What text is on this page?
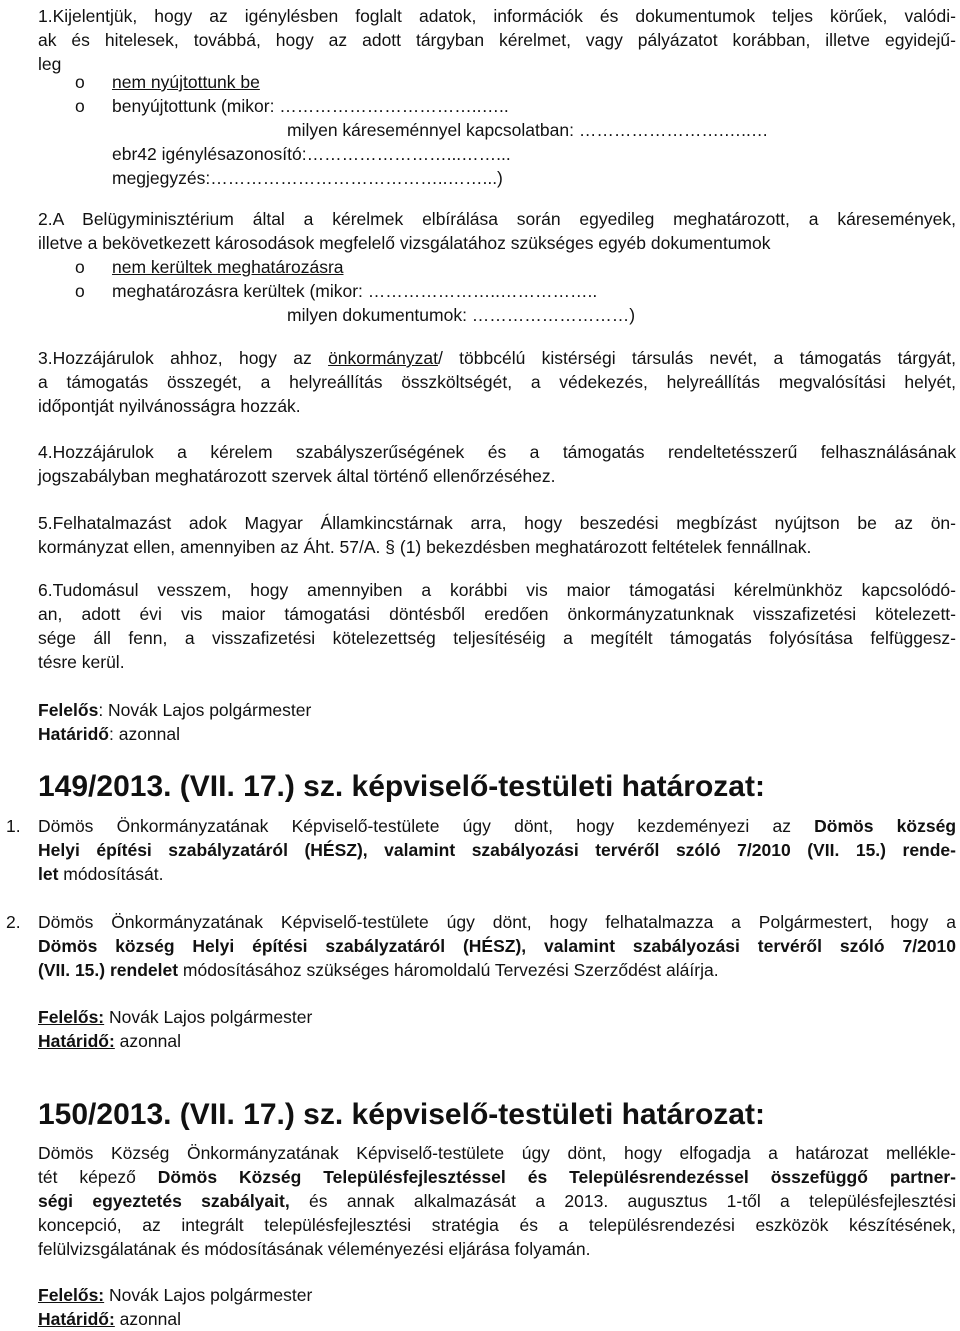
1.Kijelentjük, hogy az igénylésben foglalt adatok, információk és dokumentumok teljes körűek, valódi-
ak és hitelesek, továbbá, hogy az adott tárgyban kérelmet, vagy pályázatot korábban, illetve egyidejű-
leg
o nem nyújtottunk be
o benyújtottunk (mikor: ……………………………..…..
milyen káreseménnyel kapcsolatban: …………………….…..…
ebr42 igénylésazonosító:……………………...……...
megjegyzés:…………………………………..……...)
2.A Belügyminisztérium által a kérelmek elbírálása során egyedileg meghatározott, a káresemények,
illetve a bekövetkezett károsodások megfelelő vizsgálatához szükséges egyéb dokumentumok
o nem kerültek meghatározásra
o meghatározásra kerültek (mikor: …………………..……………..
milyen dokumentumok: ………………………)
3.Hozzájárulok ahhoz, hogy az önkormányzat/ többcélú kistérségi társulás nevét, a támogatás tárgyát,
a támogatás összegét, a helyreállítás összköltségét, a védekezés, helyreállítás megvalósítási helyét,
időpontját nyilvánosságra hozzák.
4.Hozzájárulok a kérelem szabályszerűségének és a támogatás rendeltetésszerű felhasználásának
jogszabályban meghatározott szervek által történő ellenőrzéséhez.
5.Felhatalmazást adok Magyar Államkincstárnak arra, hogy beszedési megbízást nyújtson be az ön-
kormányzat ellen, amennyiben az Áht. 57/A. § (1) bekezdésben meghatározott feltételek fennállnak.
6.Tudomásul vesszem, hogy amennyiben a korábbi vis maior támogatási kérelmünkhöz kapcsolódó-
an, adott évi vis maior támogatási döntésből eredően önkormányzatunknak visszafizetési kötelezett-
sége áll fenn, a visszafizetési kötelezettség teljesítéséig a megítélt támogatás folyósítása felfüggesz-
tésre kerül.
Felelős: Novák Lajos polgármester
Határidő: azonnal
149/2013. (VII. 17.) sz. képviselő-testületi határozat:
1. Dömös Önkormányzatának Képviselő-testülete úgy dönt, hogy kezdeményezi az Dömös község
Helyi építési szabályzatáról (HÉSZ), valamint szabályozási tervéről szóló 7/2010 (VII. 15.) rende-
let módosítását.
2. Dömös Önkormányzatának Képviselő-testülete úgy dönt, hogy felhatalmazza a Polgármestert, hogy a
Dömös község Helyi építési szabályzatáról (HÉSZ), valamint szabályozási tervéről szóló 7/2010
(VII. 15.) rendelet módosításához szükséges háromoldalú Tervezési Szerződést aláírja.
Felelős: Novák Lajos polgármester
Határidő: azonnal
150/2013. (VII. 17.) sz. képviselő-testületi határozat:
Dömös Község Önkormányzatának Képviselő-testülete úgy dönt, hogy elfogadja a határozat mellékle-
tét képező Dömös Község Településfejlesztéssel és Településrendezéssel összefüggő partner-
ségi egyeztetés szabályait, és annak alkalmazását a 2013. augusztus 1-től a településfejlesztési
koncepció, az integrált településfejlesztési stratégia és a településrendezési eszközök készítésének,
felülvizsgálatának és módosításának véleményezési eljárása folyamán.
Felelős: Novák Lajos polgármester
Határidő: azonnal
